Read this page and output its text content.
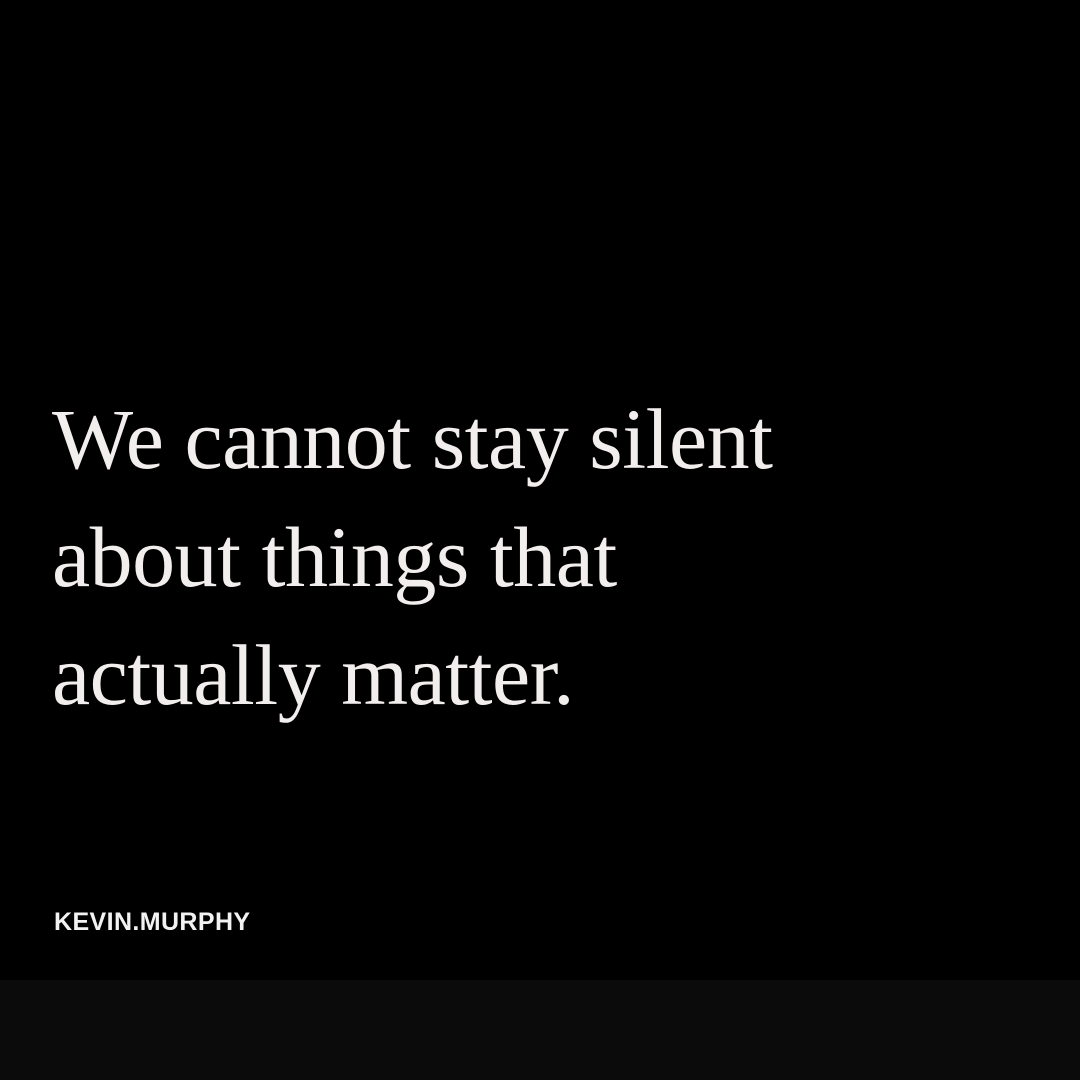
We cannot stay silent
about things that
actually matter.

KEVIN.MURPHY
